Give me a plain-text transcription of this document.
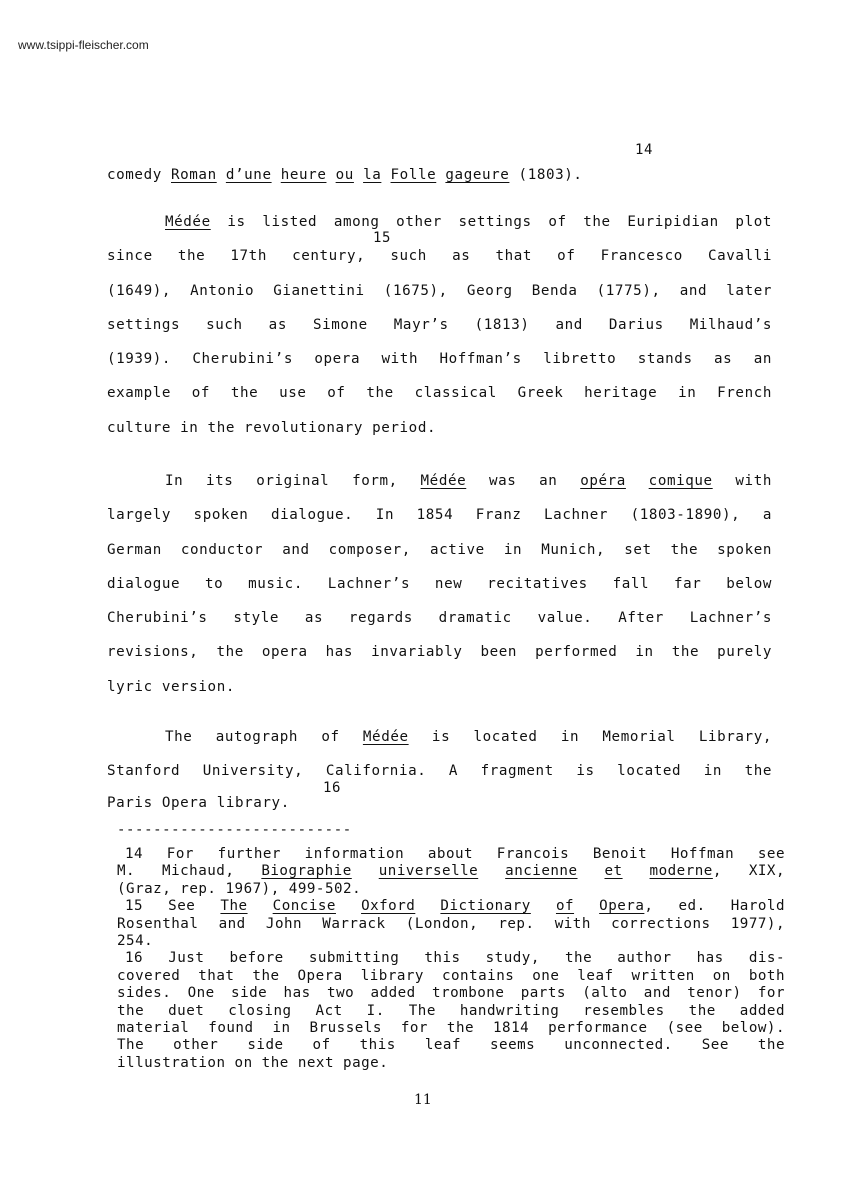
www.tsippi-fleischer.com
14
15
16
comedy Roman d’une heure ou la Folle gageure (1803).
Médée is listed among other settings of the Euripidian plot
since the 17th century, such as that of Francesco Cavalli
(1649), Antonio Gianettini (1675), Georg Benda (1775), and later
settings such as Simone Mayr’s (1813) and Darius Milhaud’s
(1939). Cherubini’s opera with Hoffman’s libretto stands as an
example of the use of the classical Greek heritage in French
culture in the revolutionary period.
In its original form, Médée was an opéra comique with
largely spoken dialogue. In 1854 Franz Lachner (1803-1890), a
German conductor and composer, active in Munich, set the spoken
dialogue to music. Lachner’s new recitatives fall far below
Cherubini’s style as regards dramatic value. After Lachner’s
revisions, the opera has invariably been performed in the purely
lyric version.
The autograph of Médée is located in Memorial Library,
Stanford University, California. A fragment is located in the
Paris Opera library.
--------------------------
14 For further information about Francois Benoit Hoffman see
M. Michaud, Biographie universelle ancienne et moderne, XIX,
(Graz, rep. 1967), 499-502.
15 See The Concise Oxford Dictionary of Opera, ed. Harold
Rosenthal and John Warrack (London, rep. with corrections 1977),
254.
16 Just before submitting this study, the author has dis-
covered that the Opera library contains one leaf written on both
sides. One side has two added trombone parts (alto and tenor) for
the duet closing Act I. The handwriting resembles the added
material found in Brussels for the 1814 performance (see below).
The other side of this leaf seems unconnected. See the
illustration on the next page.
11
